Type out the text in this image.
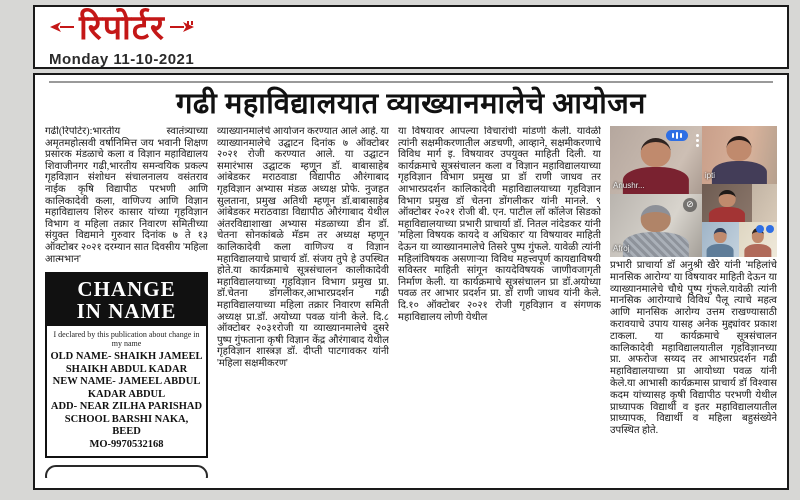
रिपोर्टर
Monday 11-10-2021
गढी महाविद्यालयात व्याख्यानमालेचे आयोजन
गढी(रिपोर्टर):भारतीय स्वातंत्र्याच्या अमृतमहोत्सवी वर्षानिमित्त जय भवानी शिक्षण प्रसारक मंडळाचे कला व विज्ञान महाविद्यालय शिवाजीनगर गढी,भारतीय समन्वयिक प्रकल्प गृहविज्ञान संशोधन संचालनालय वसंतराव नाईक कृषि विद्यापीठ परभणी आणि कालिकादेवी कला, वाणिज्य आणि विज्ञान महाविद्यालय शिरुर कासार यांच्या गृहविज्ञान विभाग व महिला तक्रार निवारण समितीच्या संयुक्त विद्यमाने गुरुवार दिनांक ७ ते १३ ऑक्टोबर २०२१ दरम्यान सात दिवसीय 'महिला आत्मभान'
CHANGE
IN NAME
I declared by this publication about change in my name
OLD NAME- SHAIKH JAMEEL SHAIKH ABDUL KADAR
NEW NAME- JAMEEL ABDUL KADAR ABDUL
ADD- NEAR ZILHA PARISHAD SCHOOL BARSHI NAKA, BEED
MO-9970532168
व्याख्यानमालेचे आयोजन करण्यात आले आहे. या व्याख्यानमालेचे उद्घाटन दिनांक ७ ऑक्टोबर २०२१ रोजी करण्यात आले. या उद्घाटन समारंभास उद्घाटक म्हणून डॉ. बाबासाहेब आंबेडकर मराठवाडा विद्यापीठ औरंगाबाद गृहविज्ञान अभ्यास मंडळ अध्यक्ष प्रोफे. नुजहत सुलताना, प्रमुख अतिथी म्हणून डॉ.बाबासाहेब आंबेडकर मराठवाडा विद्यापीठ औरंगाबाद येथील अंतरविद्याशाखा अभ्यास मंडळाच्या डीन डॉ. चेतना सोनकांबळे मॅडम तर अध्यक्ष म्हणून कालिकादेवी कला वाणिज्य व विज्ञान महाविद्यालयाचे प्राचार्य डॉ. संजय तुपे हे उपस्थित होते.या कार्यक्रमाचे सूत्रसंचालन कालीकादेवी महाविद्यालयाच्या गृहविज्ञान विभाग प्रमुख प्रा. डॉ.चेतना डोंगलीकर,आभारप्रदर्शन गढी महाविद्यालयाच्या महिला तक्रार निवारण समिती अध्यक्ष प्रा.डॉ. अयोध्या पवळ यांनी केले. दि.८ ऑक्टोबर २०३१रोजी या व्याख्यानमालेचे दुसरे पुष्प गुंफताना कृषी विज्ञान केंद्र औरंगाबाद येथील गृहविज्ञान शास्त्रज्ञ डॉ. दीप्ती पाटगावकर यांनी 'महिला सक्षमीकरण'
या विषयावर आपल्या विचारांची मांडणी केली. यावेळी त्यांनी सक्षमीकरणातील अडचणी, आव्हाने, सक्षमीकरणाचे विविध मार्ग इ. विषयावर उपयुक्त माहिती दिली. या कार्यक्रमाचे सूत्रसंचालन कला व विज्ञान महाविद्यालयाच्या गृहविज्ञान विभाग प्रमुख प्रा डॉ राणी जाधव तर आभारप्रदर्शन कालिकादेवी महाविद्यालयाच्या गृहविज्ञान विभाग प्रमुख डॉ चेतना डोंगलीकर यांनी मानले. ९ ऑक्टोबर २०२१ रोजी बी. एन. पाटील लॉ कॉलेज सिडको महाविद्यालयाच्या प्रभारी प्राचार्या डॉ. नितल नांदेडकर यांनी 'महिला विषयक कायदे व अधिकार' या विषयावर माहिती देऊन या व्याख्यानमालेचे तिसरे पुष्प गुंफले. यावेळी त्यांनी महिलांविषयक असणाऱ्या विविध महत्त्वपूर्ण कायद्याविषयी सविस्तर माहिती सांगून कायदेविषयक जाणीवजागृती निर्माण केली. या कार्यक्रमाचे सूत्रसंचालन प्रा डॉ.अयोध्या पवळ तर आभार प्रदर्शन प्रा. डॉ राणी जाधव यांनी केले. दि.१० ऑक्टोबर २०२१ रोजी गृहविज्ञान व संगणक महाविद्यालय लोणी येथील
Anushr...
ipti
Afroj
⊘
प्रभारी प्राचार्या डॉ अनुश्री खैरे यांनी 'महिलांचे मानसिक आरोग्य' या विषयावर माहिती देऊन या व्याख्यानमालेचे चौथे पुष्प गुंफले.यावेळी त्यांनी मानसिक आरोग्याचे विविध पैलू त्याचे महत्व आणि मानसिक आरोग्य उत्तम राखण्यासाठी करावयाचे उपाय यासह अनेक मुद्द्यांवर प्रकाश टाकला. या कार्यक्रमाचे सूत्रसंचालन कालिकादेवी महाविद्यालयातील गृहविज्ञानच्या प्रा. अफरोज सय्यद तर आभारप्रदर्शन गढी महाविद्यालयाच्या प्रा आयोध्या पवळ यांनी केले.या आभासी कार्यक्रमास प्राचार्य डॉ विश्वास कदम यांच्यासह कृषी विद्यापीठ परभणी येथील प्राध्यापक विद्यार्थी व इतर महाविद्यालयातील प्राध्यापक, विद्यार्थी व महिला बहुसंख्येने उपस्थित होते.
